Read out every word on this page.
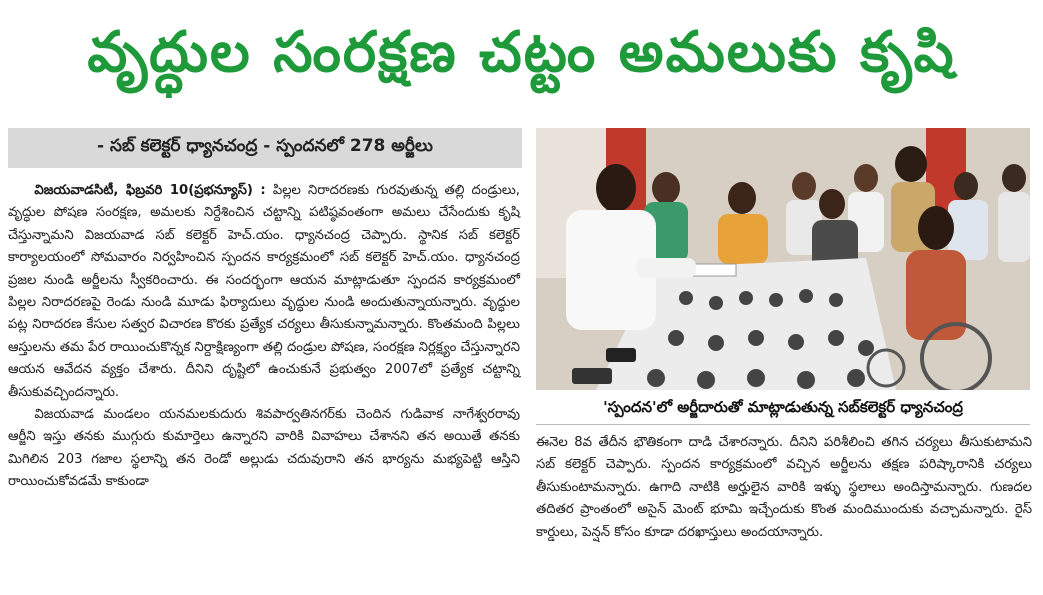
వృద్ధుల సంరక్షణ చట్టం అమలుకు కృషి
- సబ్ కలెక్టర్ ధ్యానచంద్ర - స్పందనలో 278 అర్జీలు

విజయవాడసిటీ, ఫిబ్రవరి 10(ప్రభన్యూస్) : పిల్లల నిరాదరణకు గురవుతున్న తల్లి దండ్రులు, వృద్ధుల పోషణ సంరక్షణ, అమలకు నిర్దేశించిన చట్టాన్ని పటిష్ఠవంతంగా అమలు చేసేందుకు కృషి చేస్తున్నామని విజయవాడ సబ్ కలెక్టర్ హెచ్.యం. ధ్యానచంద్ర చెప్పారు. స్థానిక సబ్ కలెక్టర్ కార్యాలయంలో సోమవారం నిర్వహించిన స్పందన కార్యక్రమంలో సబ్ కలెక్టర్ హెచ్.యం. ధ్యానచంద్ర ప్రజల నుండి అర్జీలను స్వీకరించారు. ఈ సందర్భంగా ఆయన మాట్లాడుతూ స్పందన కార్యక్రమంలో పిల్లల నిరాదరణపై రెండు నుండి మూడు ఫిర్యాదులు వృద్ధుల నుండి అందుతున్నాయన్నారు. వృద్ధుల పట్ల నిరాదరణ కేసుల సత్వర విచారణ కొరకు ప్రత్యేక చర్యలు తీసుకున్నామన్నారు. కొంతమంది పిల్లలు ఆస్తులను తమ పేర రాయించుకొన్నక నిర్దాక్షిణ్యంగా తల్లి దండ్రుల పోషణ, సంరక్షణ నిర్లక్ష్యం చేస్తున్నారని ఆయన ఆవేదన వ్యక్తం చేశారు. దీనిని దృష్టిలో ఉంచుకునే ప్రభుత్వం 2007లో ప్రత్యేక చట్టాన్ని తీసుకువచ్చిందన్నారు.

విజయవాడ మండలం యనమలకుదురు శివపార్వతినగర్‌కు చెందిన గుడివాక నాగేశ్వరరావు ఆర్జీని ఇస్తు తనకు ముగ్గురు కుమార్తెలు ఉన్నారని వారికి వివాహలు చేశానని తన అయితే తనకు మిగిలిన 203 గజాల స్థలాన్ని తన రెండో అల్లుడు చదువురాని తన భార్యను మభ్యపెట్టి ఆస్తిని రాయించుకోవడమే కాకుండా

'స్పందన'లో అర్జీదారుతో మాట్లాడుతున్న సబ్‌కలెక్టర్ ధ్యానచంద్ర

ఈనెల 8వ తేదీన భౌతికంగా దాడి చేశారన్నారు. దీనిని పరిశీలించి తగిన చర్యలు తీసుకుటామని సబ్ కలెక్టర్ చెప్పారు. స్పందన కార్యక్రమంలో వచ్చిన అర్జీలను తక్షణ పరిష్కారానికి చర్యలు తీసుకుంటామన్నారు. ఉగాది నాటికి అర్హులైన వారికి ఇళ్ళు స్థలాలు అందిస్తామన్నారు. గుణదల తదితర ప్రాంతంలో అసైన్ మెంట్ భూమి ఇచ్చేందుకు కొంత మందిముందుకు వచ్చామన్నారు. రైస్ కార్డులు, పెన్షన్ కోసం కూడా దరఖాస్తులు అందయాన్నారు.
